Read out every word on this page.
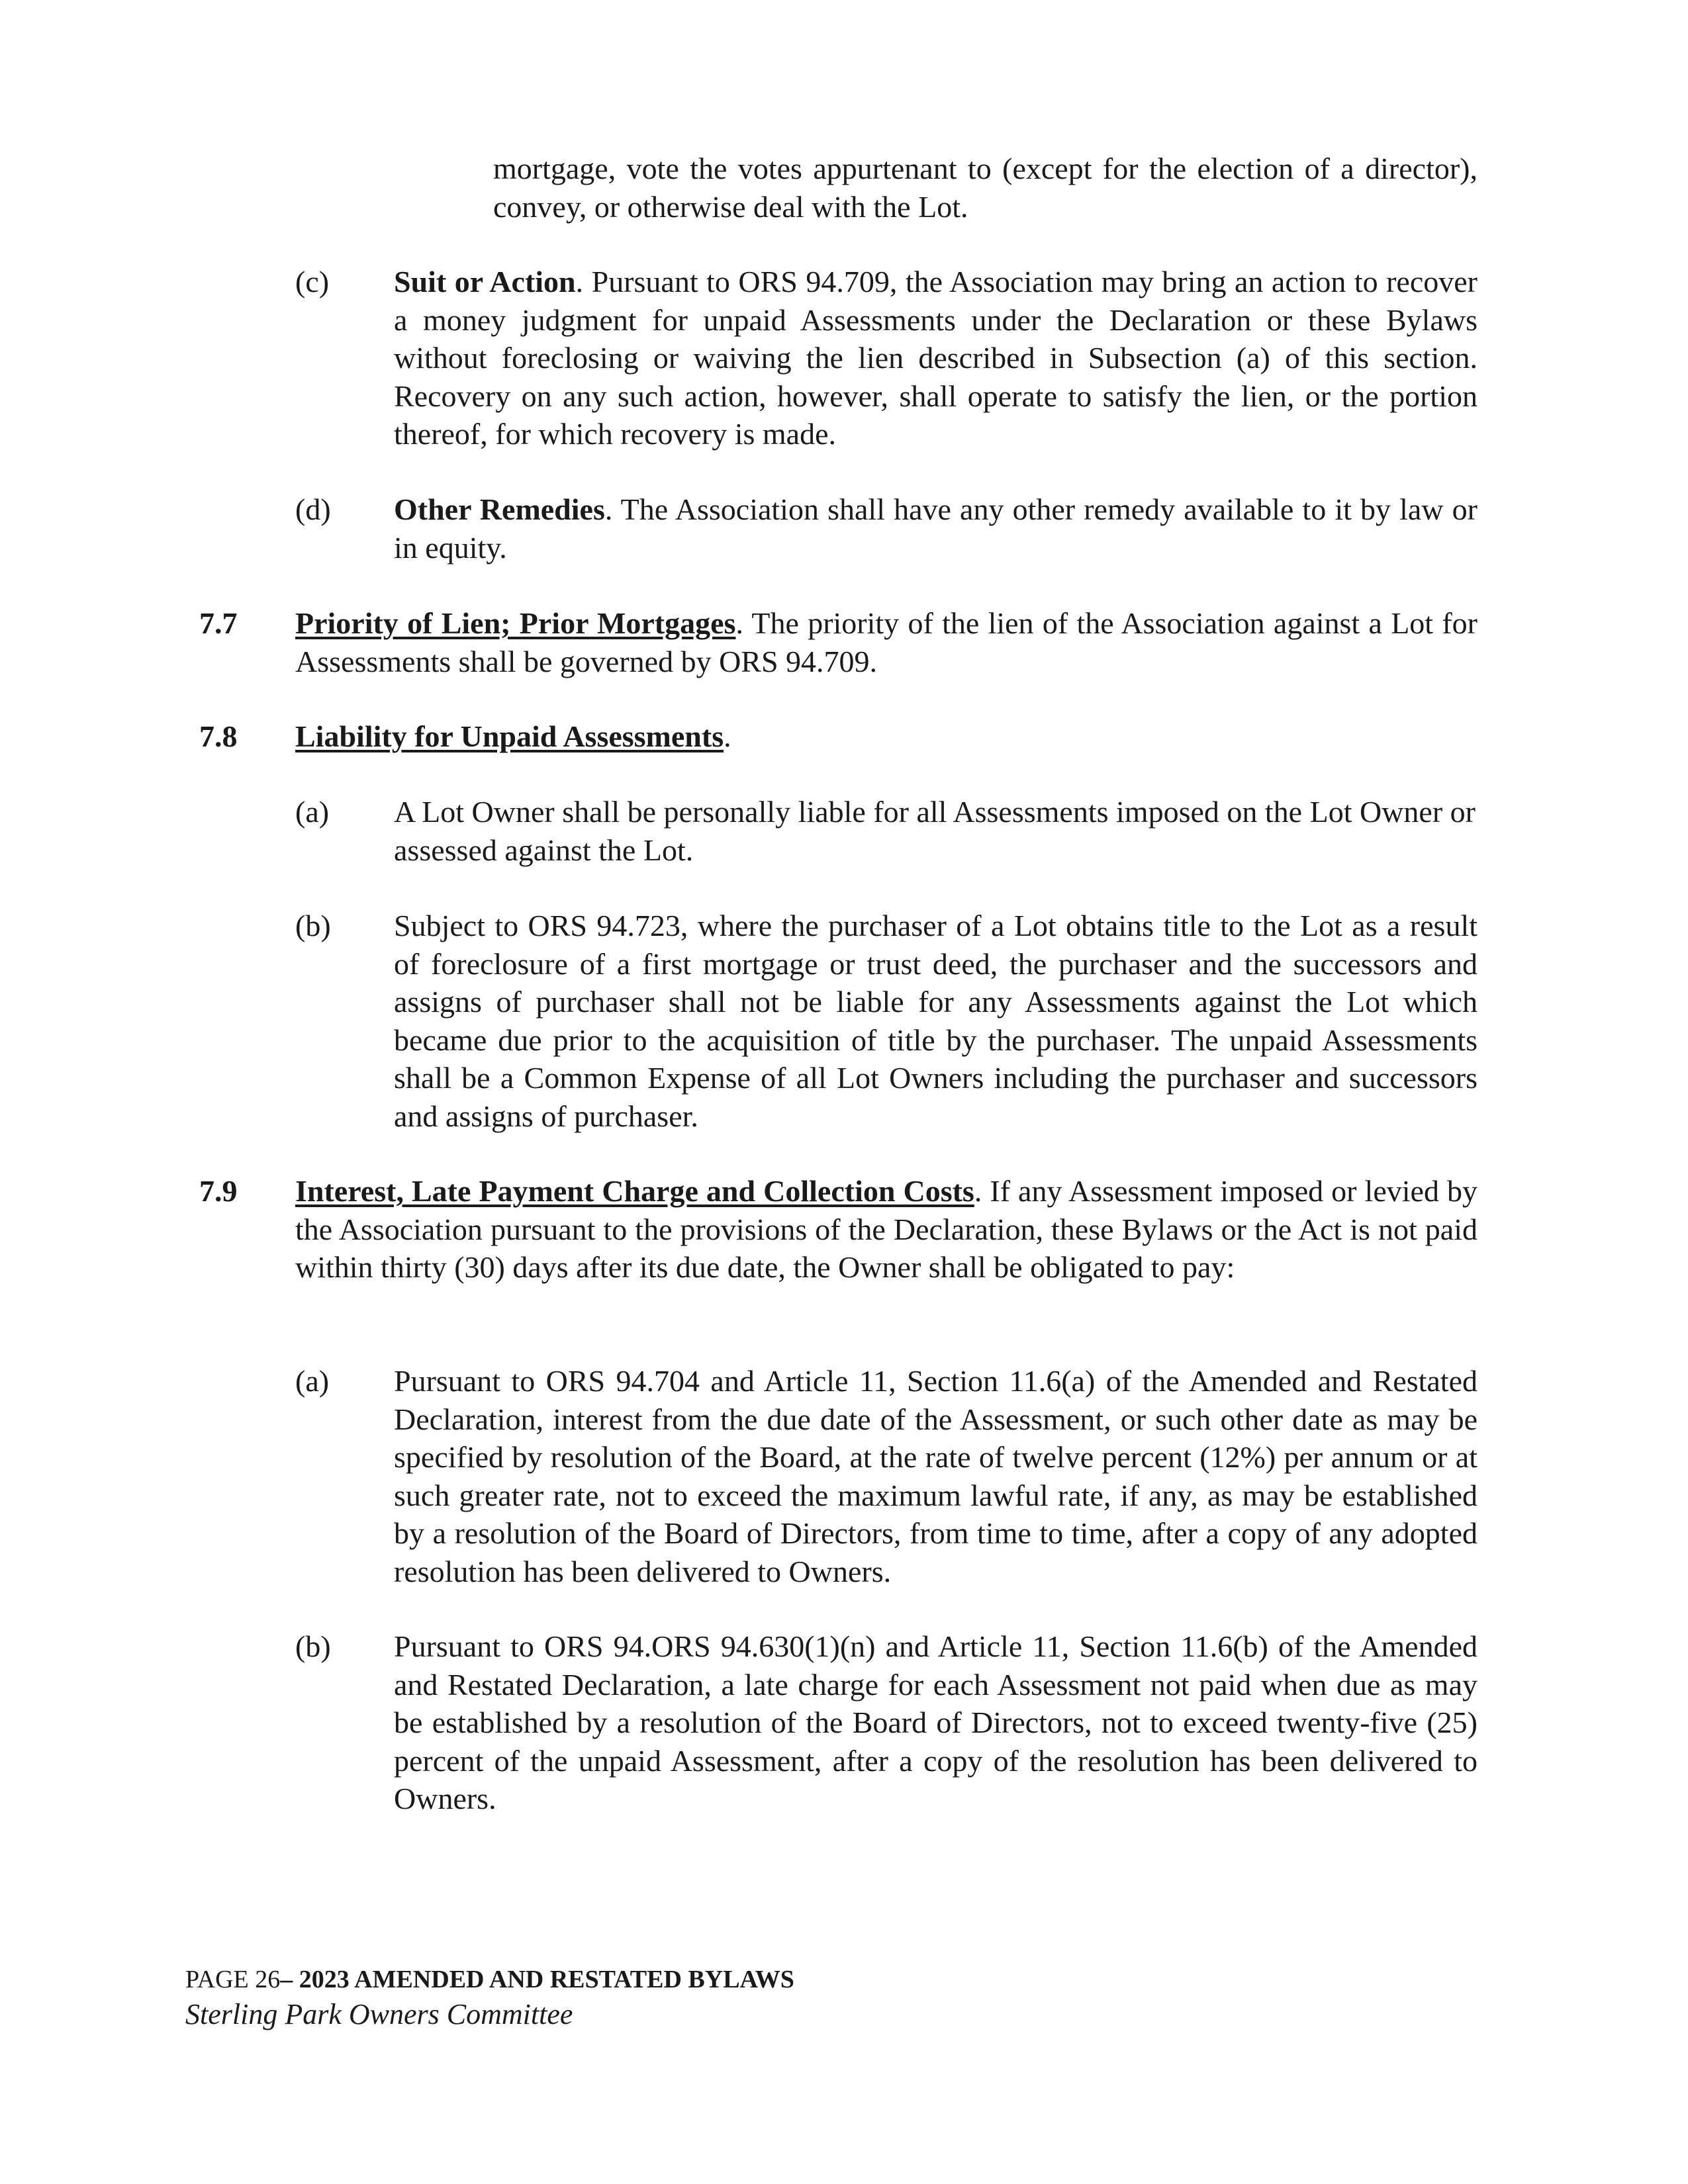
mortgage, vote the votes appurtenant to (except for the election of a director), convey, or otherwise deal with the Lot.

(c) Suit or Action. Pursuant to ORS 94.709, the Association may bring an action to recover a money judgment for unpaid Assessments under the Declaration or these Bylaws without foreclosing or waiving the lien described in Subsection (a) of this section. Recovery on any such action, however, shall operate to satisfy the lien, or the portion thereof, for which recovery is made.

(d) Other Remedies. The Association shall have any other remedy available to it by law or in equity.

7.7 Priority of Lien; Prior Mortgages. The priority of the lien of the Association against a Lot for Assessments shall be governed by ORS 94.709.

7.8 Liability for Unpaid Assessments.

(a) A Lot Owner shall be personally liable for all Assessments imposed on the Lot Owner or assessed against the Lot.

(b) Subject to ORS 94.723, where the purchaser of a Lot obtains title to the Lot as a result of foreclosure of a first mortgage or trust deed, the purchaser and the successors and assigns of purchaser shall not be liable for any Assessments against the Lot which became due prior to the acquisition of title by the purchaser. The unpaid Assessments shall be a Common Expense of all Lot Owners including the purchaser and successors and assigns of purchaser.

7.9 Interest, Late Payment Charge and Collection Costs. If any Assessment imposed or levied by the Association pursuant to the provisions of the Declaration, these Bylaws or the Act is not paid within thirty (30) days after its due date, the Owner shall be obligated to pay:

(a) Pursuant to ORS 94.704 and Article 11, Section 11.6(a) of the Amended and Restated Declaration, interest from the due date of the Assessment, or such other date as may be specified by resolution of the Board, at the rate of twelve percent (12%) per annum or at such greater rate, not to exceed the maximum lawful rate, if any, as may be established by a resolution of the Board of Directors, from time to time, after a copy of any adopted resolution has been delivered to Owners.

(b) Pursuant to ORS 94.ORS 94.630(1)(n) and Article 11, Section 11.6(b) of the Amended and Restated Declaration, a late charge for each Assessment not paid when due as may be established by a resolution of the Board of Directors, not to exceed twenty-five (25) percent of the unpaid Assessment, after a copy of the resolution has been delivered to Owners.

PAGE 26– 2023 AMENDED AND RESTATED BYLAWS
Sterling Park Owners Committee
